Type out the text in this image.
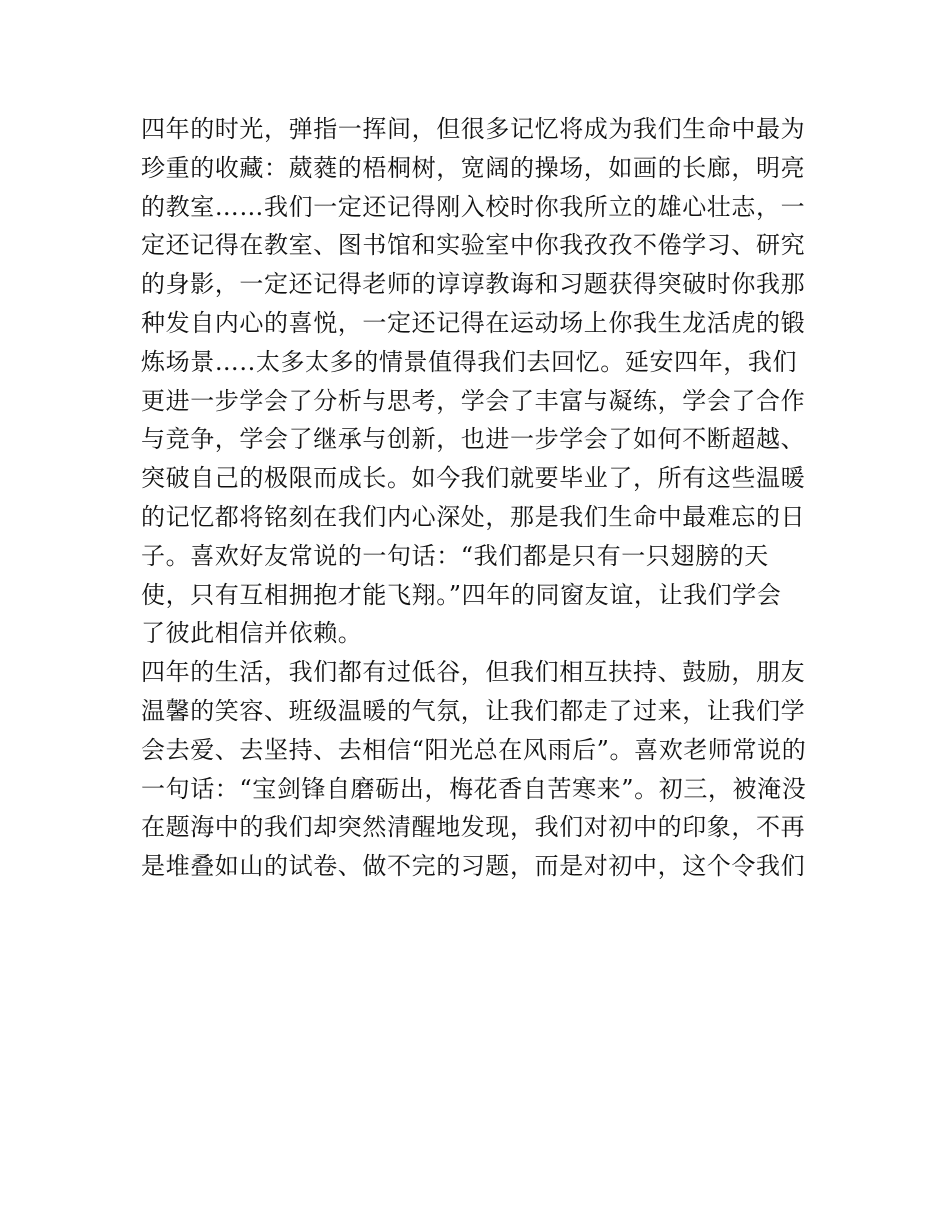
四年的时光，弹指一挥间，但很多记忆将成为我们生命中最为
珍重的收藏：葳蕤的梧桐树，宽阔的操场，如画的长廊，明亮
的教室……我们一定还记得刚入校时你我所立的雄心壮志，一
定还记得在教室、图书馆和实验室中你我孜孜不倦学习、研究
的身影，一定还记得老师的谆谆教诲和习题获得突破时你我那
种发自内心的喜悦，一定还记得在运动场上你我生龙活虎的锻
炼场景…..太多太多的情景值得我们去回忆。延安四年，我们
更进一步学会了分析与思考，学会了丰富与凝练，学会了合作
与竞争，学会了继承与创新，也进一步学会了如何不断超越、
突破自己的极限而成长。如今我们就要毕业了，所有这些温暖
的记忆都将铭刻在我们内心深处，那是我们生命中最难忘的日
子。喜欢好友常说的一句话：“我们都是只有一只翅膀的天
使，只有互相拥抱才能飞翔。”四年的同窗友谊，让我们学会
了彼此相信并依赖。
四年的生活，我们都有过低谷，但我们相互扶持、鼓励，朋友
温馨的笑容、班级温暖的气氛，让我们都走了过来，让我们学
会去爱、去坚持、去相信“阳光总在风雨后”。喜欢老师常说的
一句话：“宝剑锋自磨砺出，梅花香自苦寒来”。初三，被淹没
在题海中的我们却突然清醒地发现，我们对初中的印象，不再
是堆叠如山的试卷、做不完的习题，而是对初中，这个令我们
